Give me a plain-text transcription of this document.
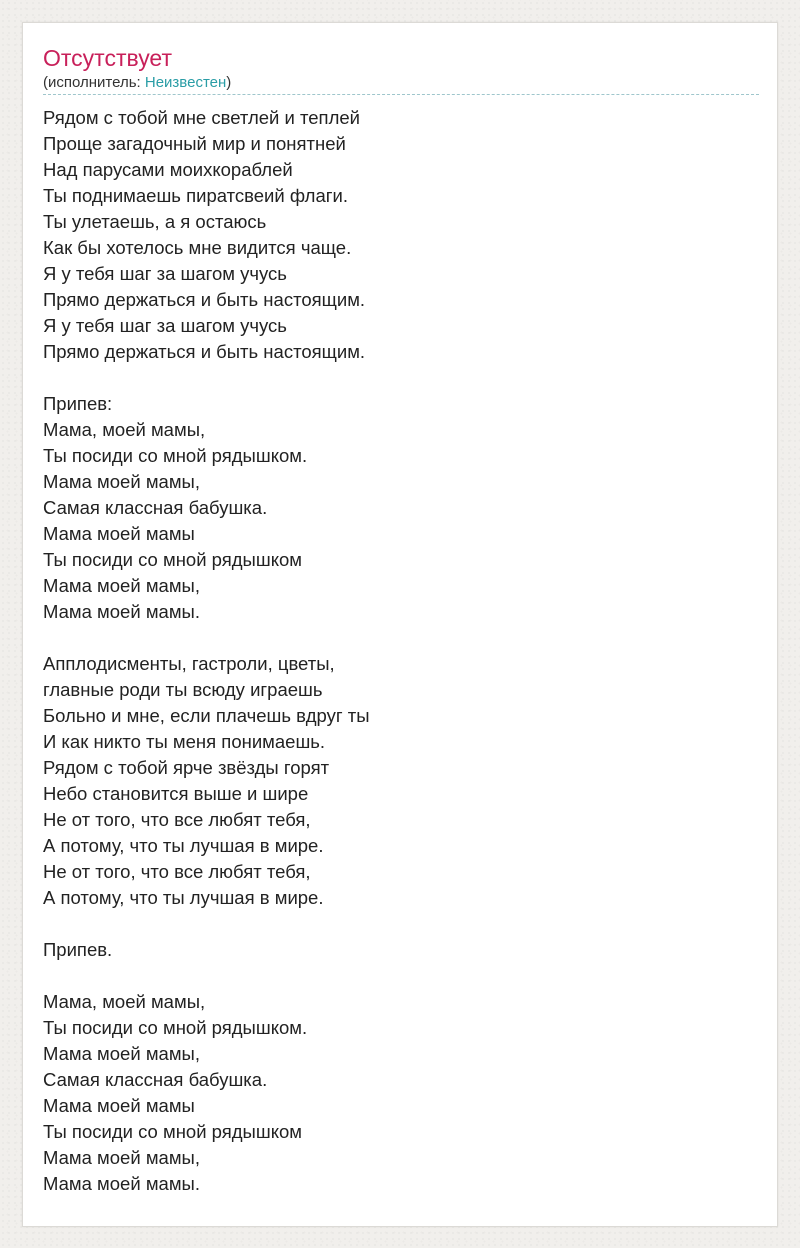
Отсутствует
(исполнитель: Неизвестен)
Рядом с тобой мне светлей и теплей
Проще загадочный мир и понятней
Над парусами моихкораблей
Ты поднимаешь пиратсвеий флаги.
Ты улетаешь, а я остаюсь
Как бы хотелось мне видится чаще.
Я у тебя шаг за шагом учусь
Прямо держаться и быть настоящим.
Я у тебя шаг за шагом учусь
Прямо держаться и быть настоящим.
Припев:
Мама, моей мамы,
Ты посиди со мной рядышком.
Мама моей мамы,
Самая классная бабушка.
Мама моей мамы
Ты посиди со мной рядышком
Мама моей мамы,
Мама моей мамы.
Апплодисменты, гастроли, цветы,
главные роди ты всюду играешь
Больно и мне, если плачешь вдруг ты
И как никто ты меня понимаешь.
Рядом с тобой ярче звёзды горят
Небо становится выше и шире
Не от того, что все любят тебя,
А потому, что ты лучшая в мире.
Не от того, что все любят тебя,
А потому, что ты лучшая в мире.
Припев.
Мама, моей мамы,
Ты посиди со мной рядышком.
Мама моей мамы,
Самая классная бабушка.
Мама моей мамы
Ты посиди со мной рядышком
Мама моей мамы,
Мама моей мамы.
